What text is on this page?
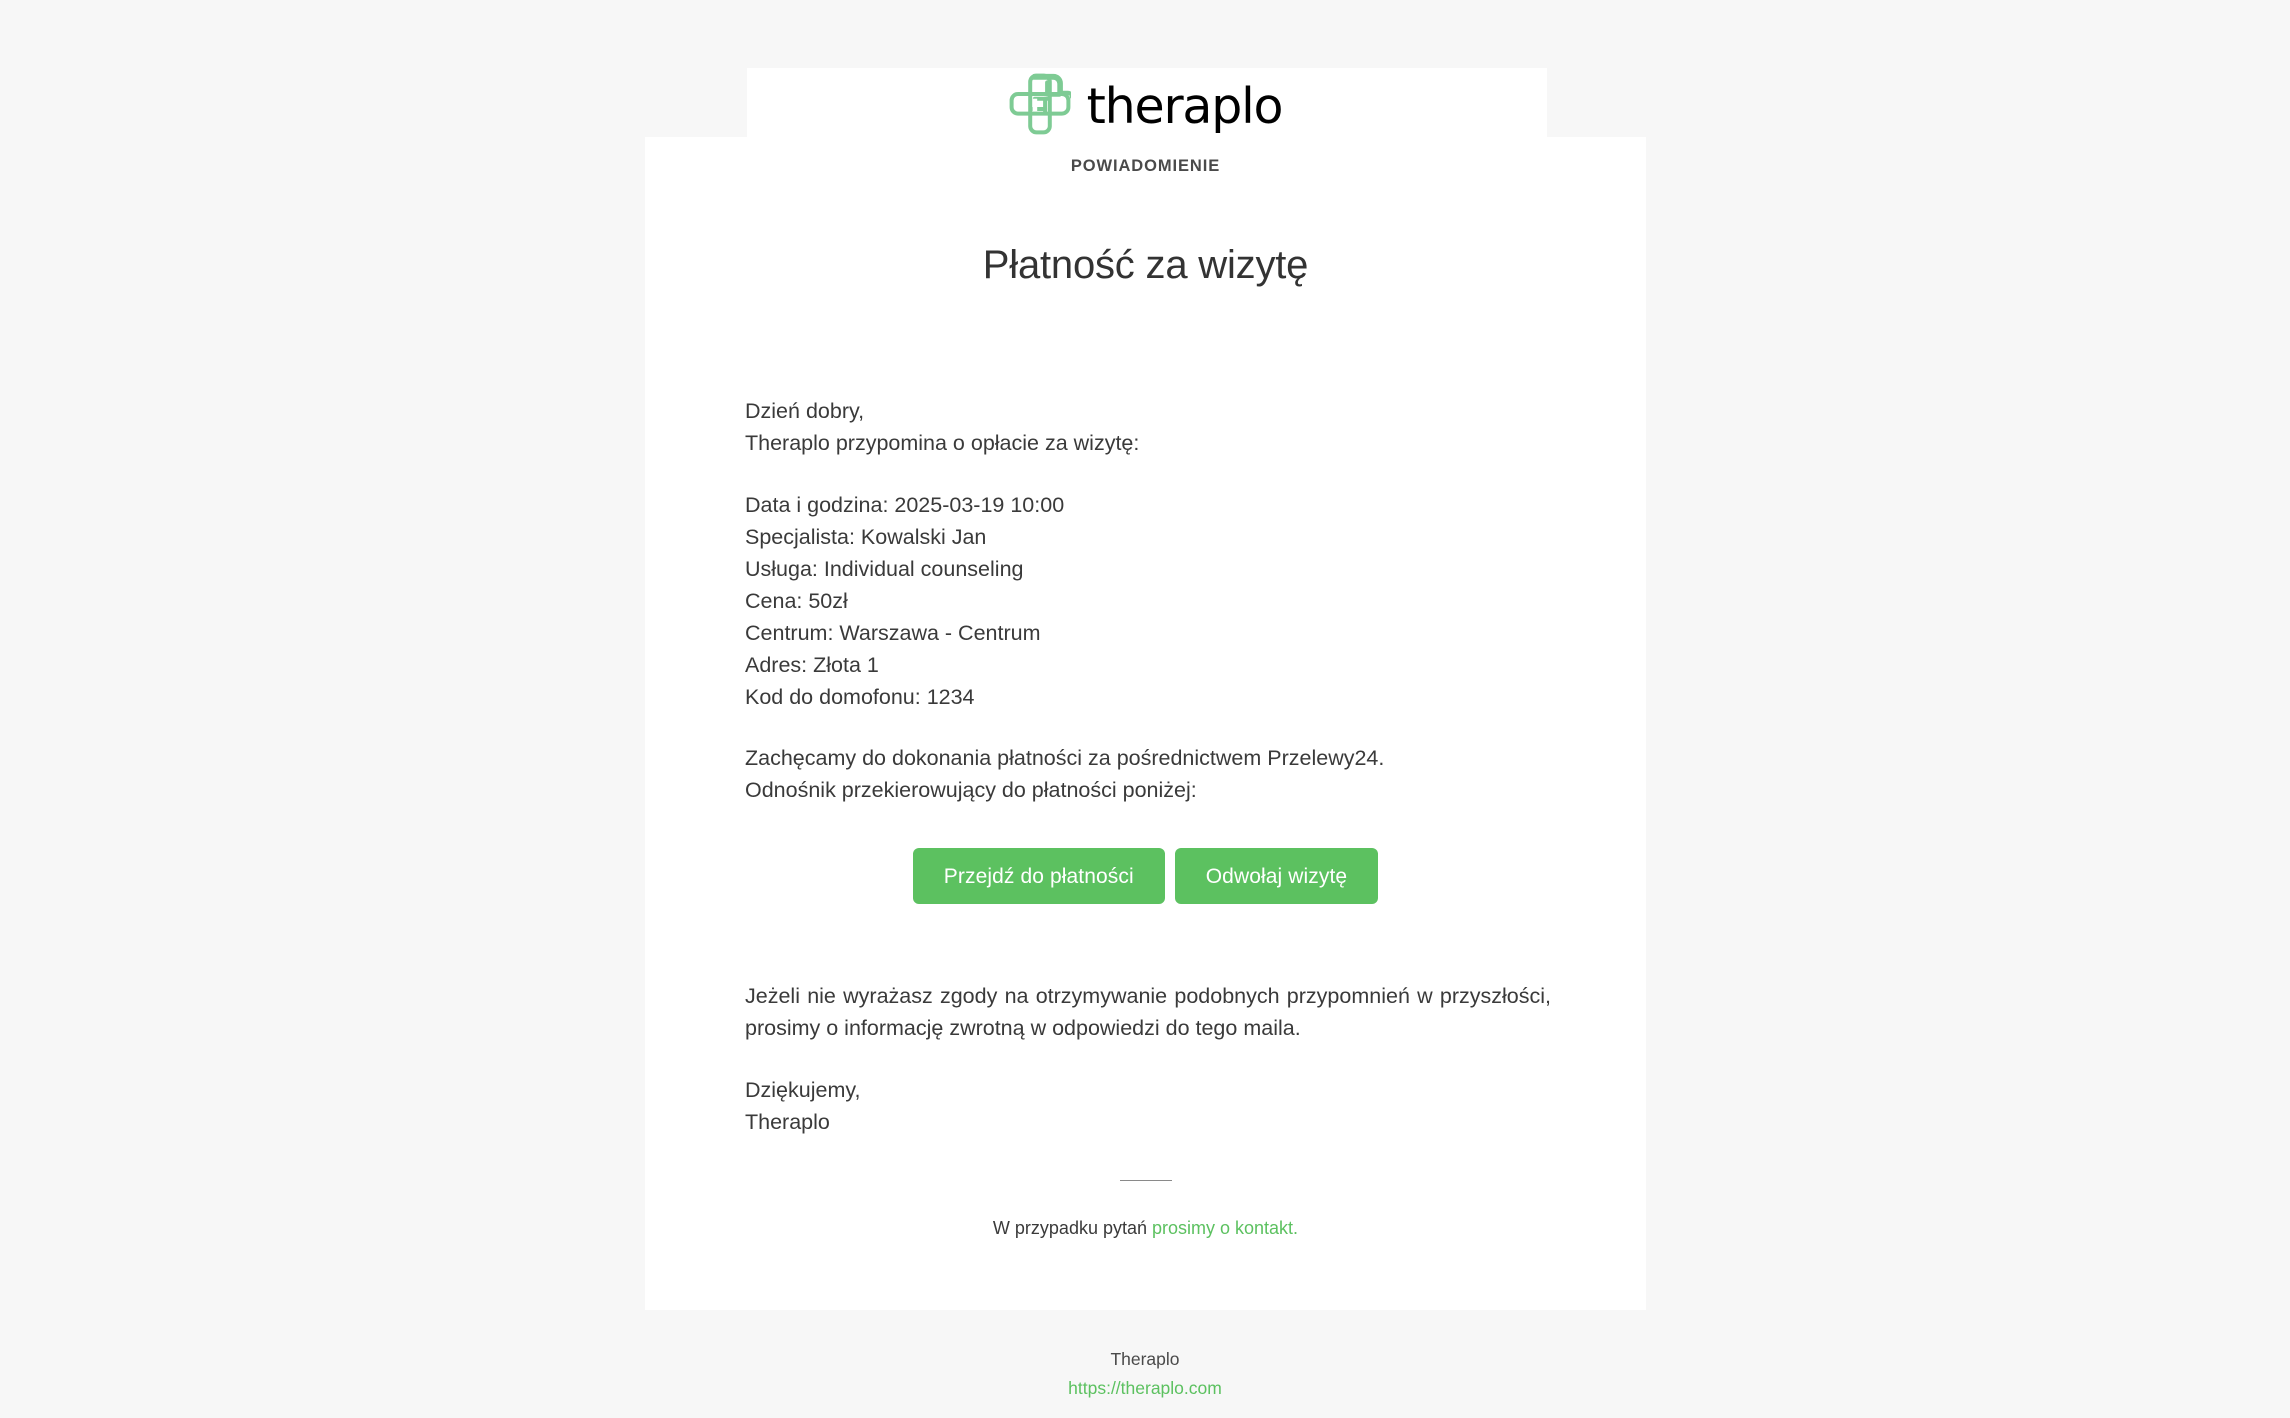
theraplo
POWIADOMIENIE
Płatność za wizytę

Dzień dobry,
Theraplo przypomina o opłacie za wizytę:

Data i godzina: 2025-03-19 10:00
Specjalista: Kowalski Jan
Usługa: Individual counseling
Cena: 50zł
Centrum: Warszawa - Centrum
Adres: Złota 1
Kod do domofonu: 1234

Zachęcamy do dokonania płatności za pośrednictwem Przelewy24.
Odnośnik przekierowujący do płatności poniżej:

Przejdź do płatności	Odwołaj wizytę

Jeżeli nie wyrażasz zgody na otrzymywanie podobnych przypomnień w przyszłości, prosimy o informację zwrotną w odpowiedzi do tego maila.

Dziękujemy,
Theraplo

W przypadku pytań prosimy o kontakt.
Theraplo
https://theraplo.com
